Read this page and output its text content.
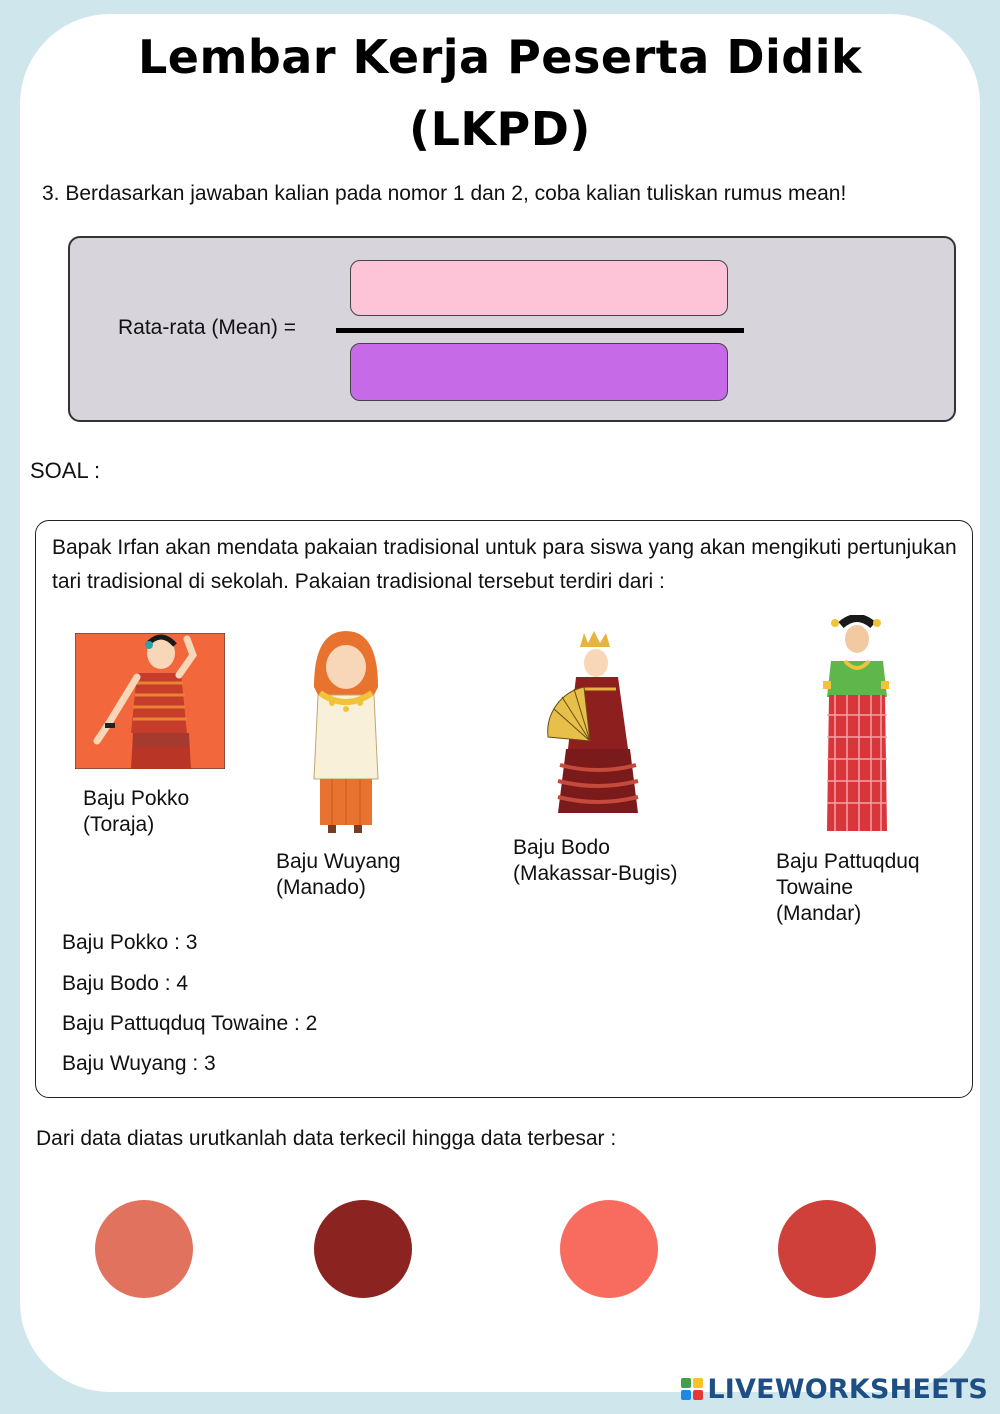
Lembar Kerja Peserta Didik
(LKPD)
3. Berdasarkan jawaban kalian pada nomor 1 dan 2, coba kalian tuliskan rumus mean!
Rata-rata (Mean) =
SOAL :
Bapak Irfan akan mendata pakaian tradisional untuk para siswa yang akan mengikuti pertunjukan tari tradisional di sekolah. Pakaian tradisional tersebut terdiri dari :
Baju Pokko
(Toraja)
Baju Wuyang
(Manado)
Baju Bodo
(Makassar-Bugis)
Baju Pattuqduq
Towaine
(Mandar)
Baju Pokko : 3
Baju Bodo : 4
Baju Pattuqduq Towaine : 2
Baju Wuyang : 3
Dari data diatas urutkanlah data terkecil hingga data terbesar :
LIVEWORKSHEETS
